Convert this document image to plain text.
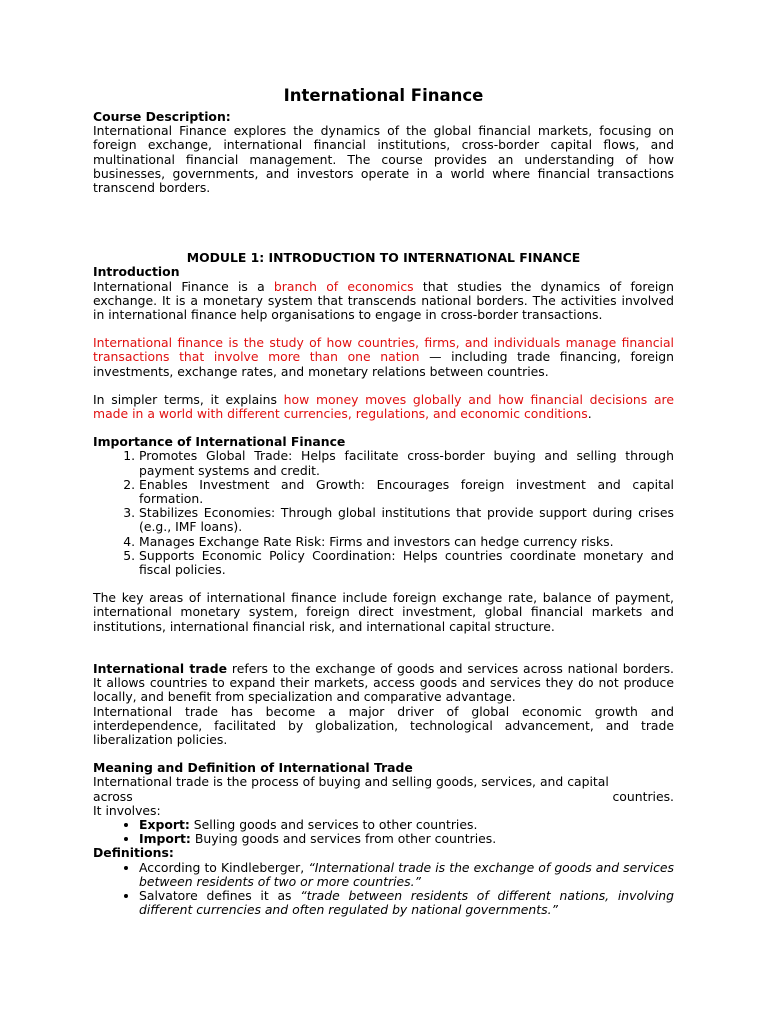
International Finance
Course Description:

International Finance explores the dynamics of the global financial markets, focusing on foreign exchange, international financial institutions, cross-border capital flows, and multinational financial management. The course provides an understanding of how businesses, governments, and investors operate in a world where financial transactions transcend borders.

MODULE 1: INTRODUCTION TO INTERNATIONAL FINANCE
Introduction

International Finance is a branch of economics that studies the dynamics of foreign exchange. It is a monetary system that transcends national borders. The activities involved in international finance help organisations to engage in cross-border transactions.

International finance is the study of how countries, firms, and individuals manage financial transactions that involve more than one nation — including trade financing, foreign investments, exchange rates, and monetary relations between countries.

In simpler terms, it explains how money moves globally and how financial decisions are made in a world with different currencies, regulations, and economic conditions.

Importance of International Finance
1. Promotes Global Trade: Helps facilitate cross-border buying and selling through payment systems and credit.
2. Enables Investment and Growth: Encourages foreign investment and capital formation.
3. Stabilizes Economies: Through global institutions that provide support during crises (e.g., IMF loans).
4. Manages Exchange Rate Risk: Firms and investors can hedge currency risks.
5. Supports Economic Policy Coordination: Helps countries coordinate monetary and fiscal policies.

The key areas of international finance include foreign exchange rate, balance of payment, international monetary system, foreign direct investment, global financial markets and institutions, international financial risk, and international capital structure.

International trade refers to the exchange of goods and services across national borders. It allows countries to expand their markets, access goods and services they do not produce locally, and benefit from specialization and comparative advantage.

International trade has become a major driver of global economic growth and interdependence, facilitated by globalization, technological advancement, and trade liberalization policies.

Meaning and Definition of International Trade

International trade is the process of buying and selling goods, services, and capital

across	countries.
It involves:
• Export: Selling goods and services to other countries.
• Import: Buying goods and services from other countries.
Definitions:
• According to Kindleberger, “International trade is the exchange of goods and services between residents of two or more countries.”
• Salvatore defines it as “trade between residents of different nations, involving different currencies and often regulated by national governments.”
